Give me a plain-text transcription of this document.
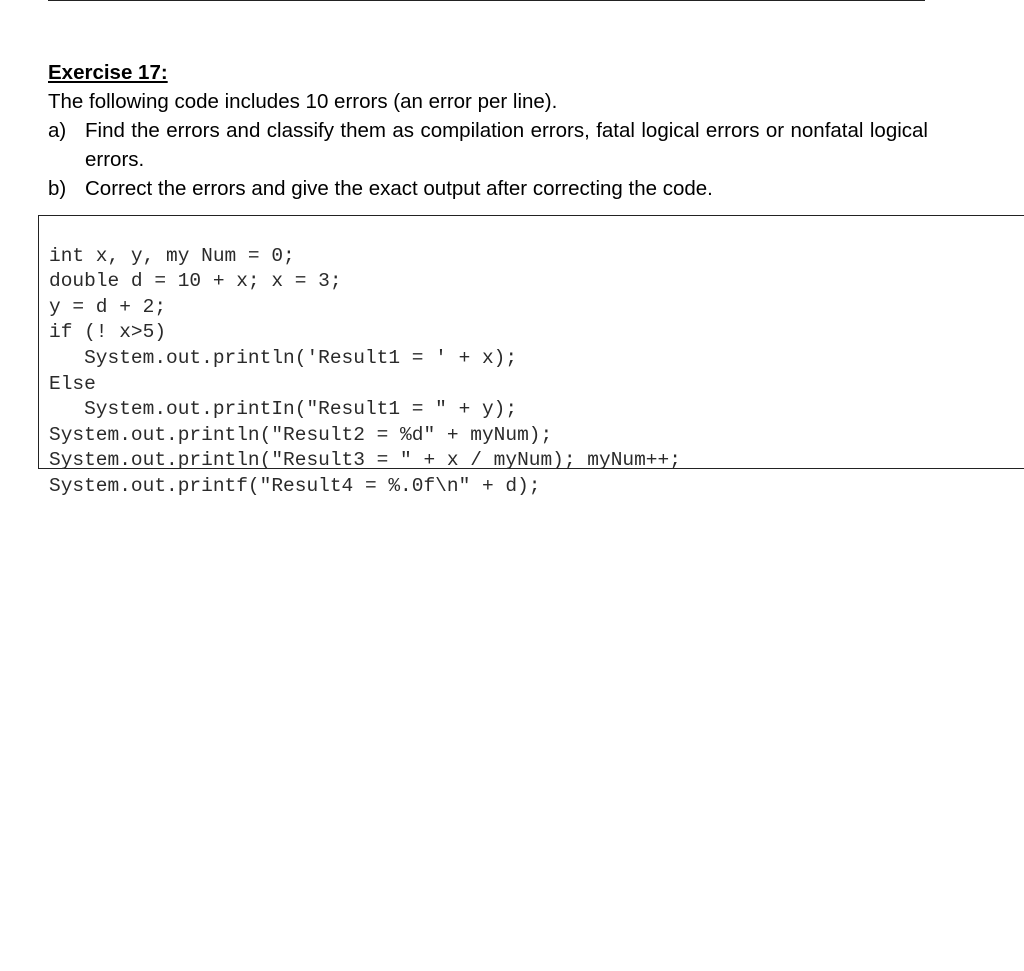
Exercise 17:

The following code includes 10 errors (an error per line).

a) Find the errors and classify them as compilation errors, fatal logical errors or nonfatal logical errors.
b) Correct the errors and give the exact output after correcting the code.

int x, y, my Num = 0;
double d = 10 + x; x = 3;
y = d + 2;
if (! x>5)
System.out.println('Result1 = ' + x);
Else
System.out.printIn("Result1 = " + y);
System.out.println("Result2 = %d" + myNum);
System.out.println("Result3 = " + x / myNum); myNum++;
System.out.printf("Result4 = %.0f\n" + d);
